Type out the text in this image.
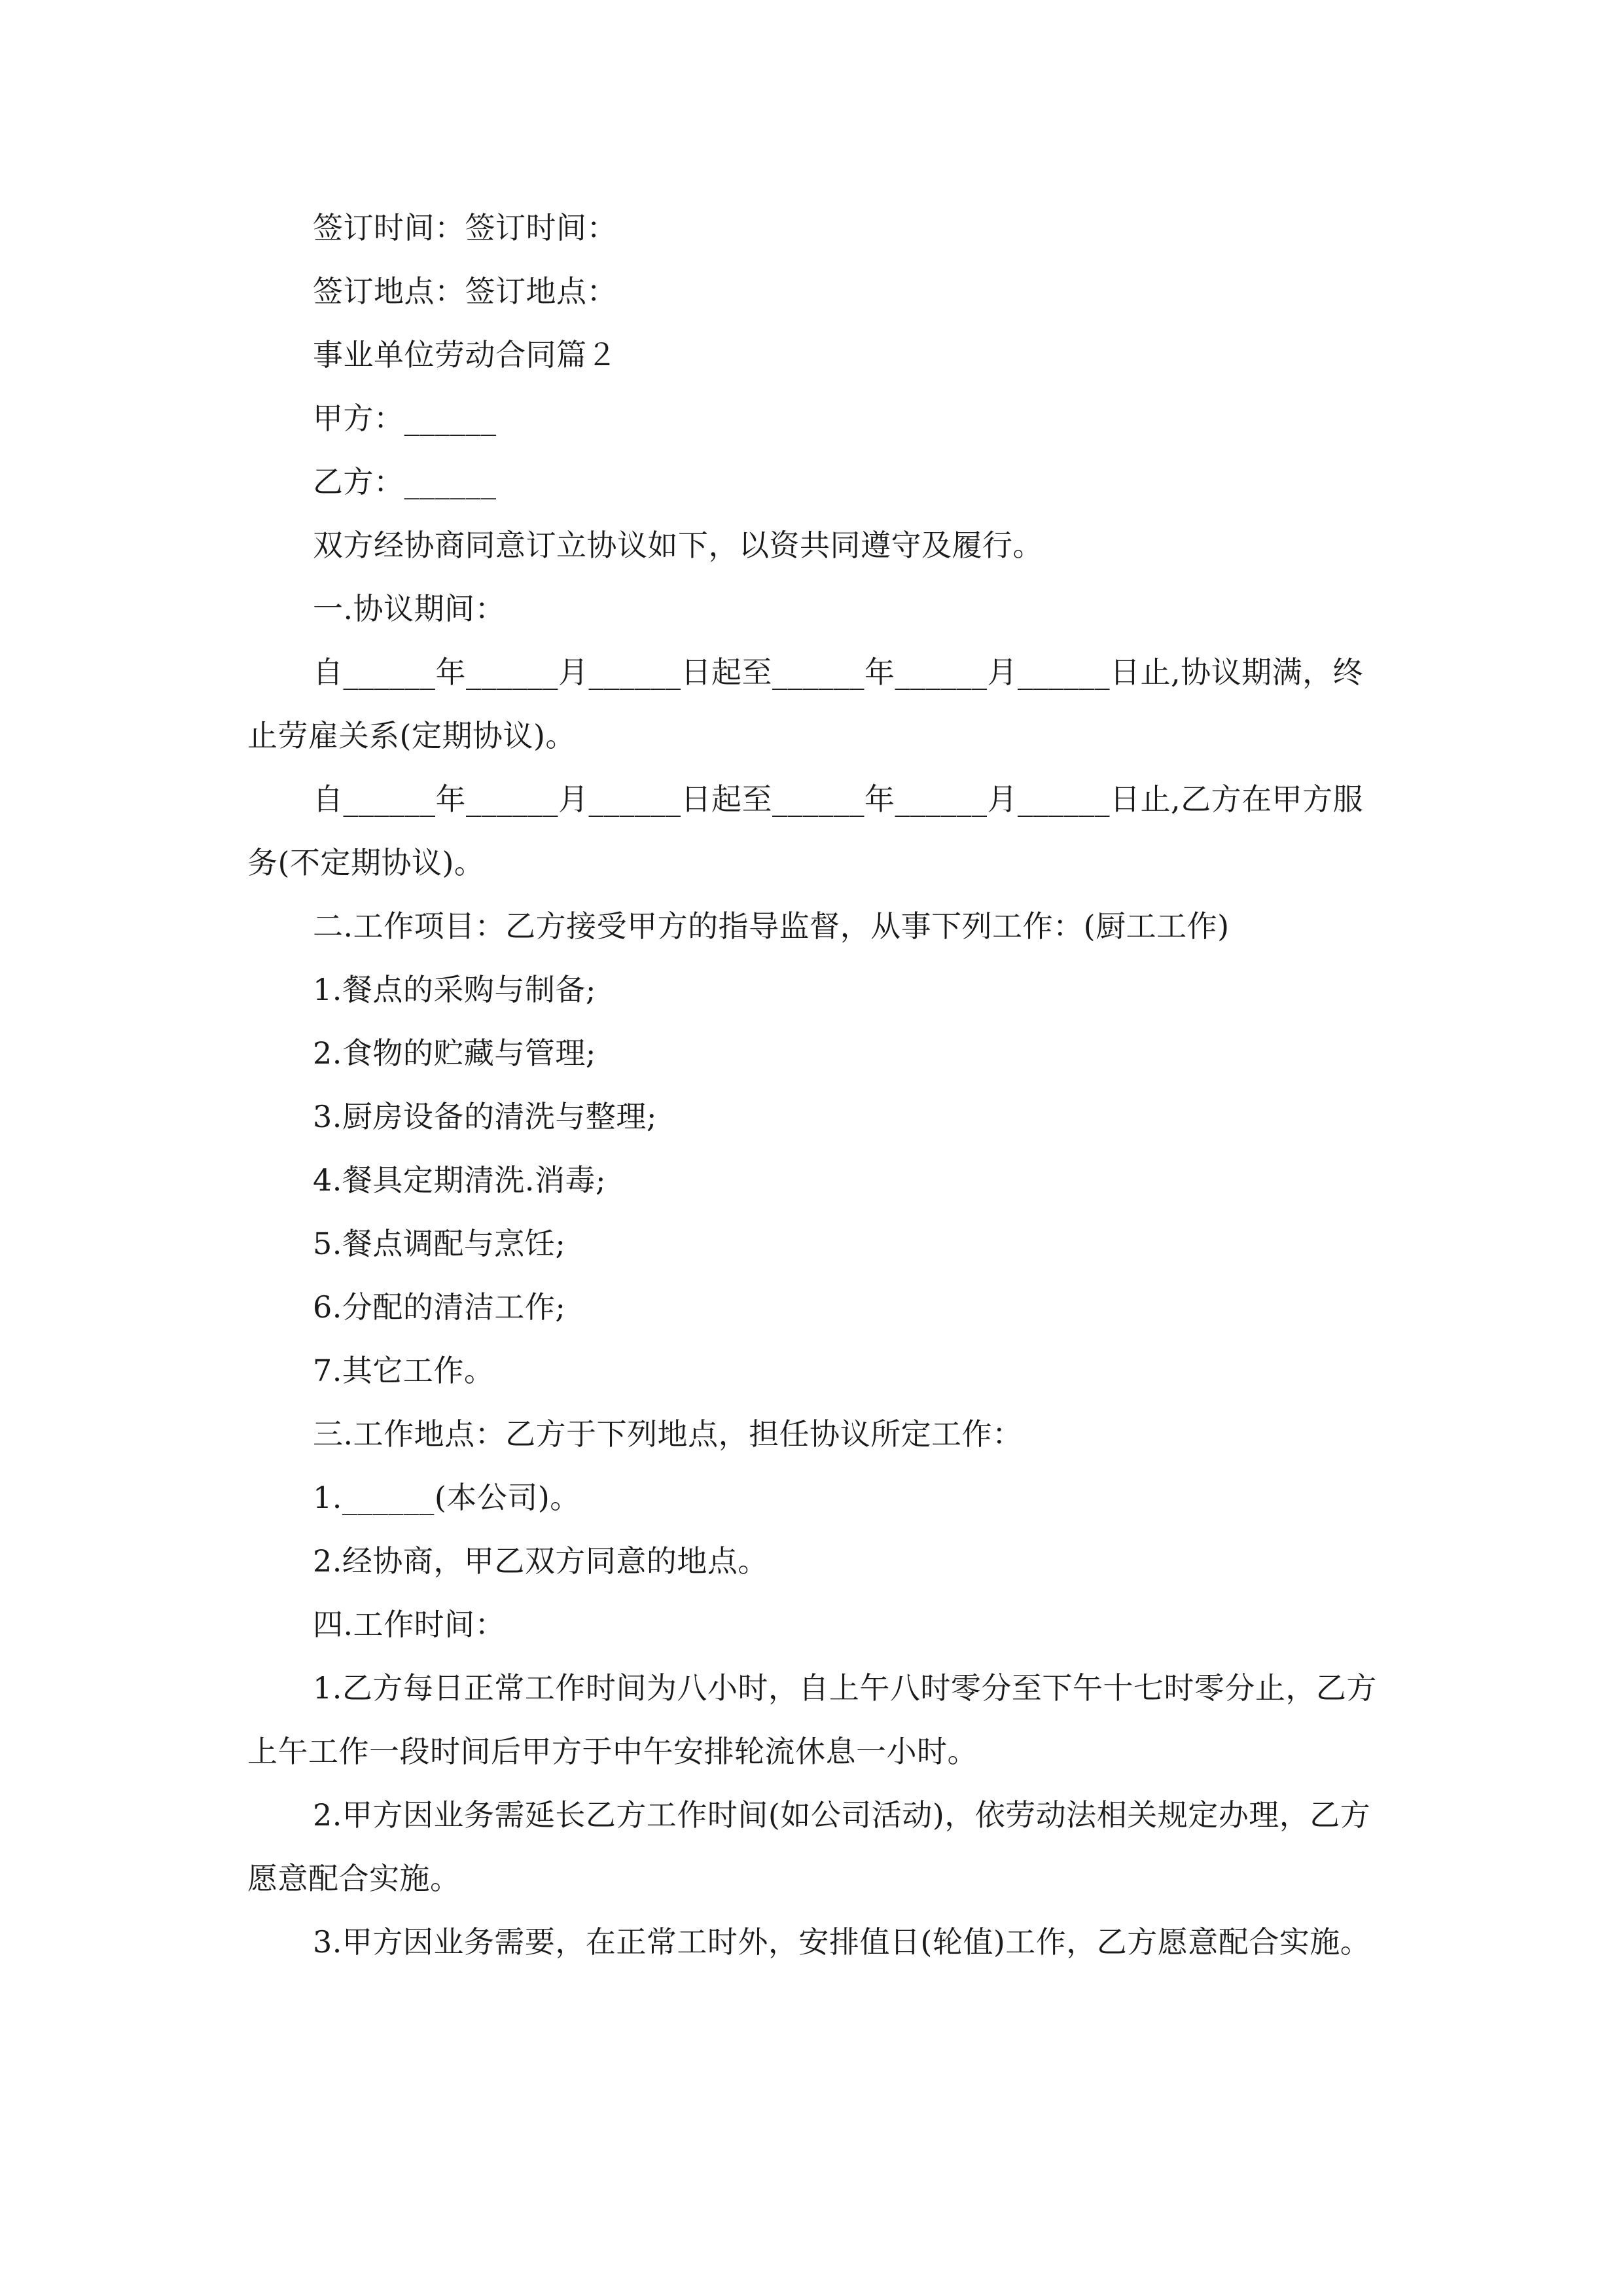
签订时间：签订时间：

签订地点：签订地点：

事业单位劳动合同篇２

甲方：______

乙方：______

双方经协商同意订立协议如下，以资共同遵守及履行。

一.协议期间：

自______年______月______日起至______年______月______日止,协议期满，终止劳雇关系(定期协议)。

自______年______月______日起至______年______月______日止,乙方在甲方服务(不定期协议)。

二.工作项目：乙方接受甲方的指导监督，从事下列工作：(厨工工作)

1.餐点的采购与制备;

2.食物的贮藏与管理;

3.厨房设备的清洗与整理;

4.餐具定期清洗.消毒;

5.餐点调配与烹饪;

6.分配的清洁工作;

7.其它工作。

三.工作地点：乙方于下列地点，担任协议所定工作：

1.______(本公司)。

2.经协商，甲乙双方同意的地点。

四.工作时间：

1.乙方每日正常工作时间为八小时，自上午八时零分至下午十七时零分止，乙方上午工作一段时间后甲方于中午安排轮流休息一小时。

2.甲方因业务需延长乙方工作时间(如公司活动)，依劳动法相关规定办理，乙方愿意配合实施。

3.甲方因业务需要，在正常工时外，安排值日(轮值)工作，乙方愿意配合实施。
